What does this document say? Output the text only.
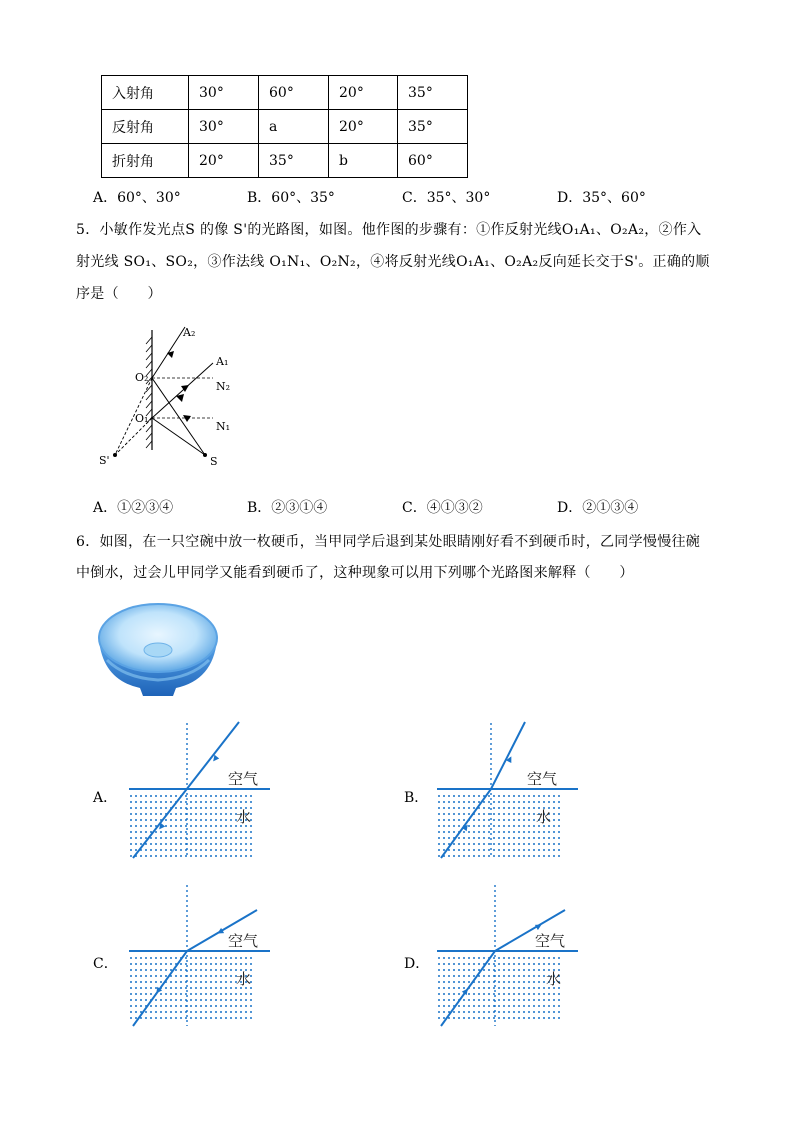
入射角	30°	60°	20°	35°
反射角	30°	a	20°	35°
折射角	20°	35°	b	60°
A．60°、30°	B．60°、35°	C．35°、30°	D．35°、60°
5．小敏作发光点S 的像 S'的光路图，如图。他作图的步骤有：①作反射光线O₁A₁、O₂A₂，②作入
射光线 SO₁、SO₂，③作法线 O₁N₁、O₂N₂，④将反射光线O₁A₁、O₂A₂反向延长交于S'。正确的顺
序是（　　）
A₂
A₁
O₂
N₂
O₁
N₁
S'	S
A．①②③④	B．②③①④	C．④①③②	D．②①③④
6．如图，在一只空碗中放一枚硬币，当甲同学后退到某处眼睛刚好看不到硬币时，乙同学慢慢往碗
中倒水，过会儿甲同学又能看到硬币了，这种现象可以用下列哪个光路图来解释（　　）
A．
空气
水
B．
空气
水
C．
空气
水
D．
空气
水
